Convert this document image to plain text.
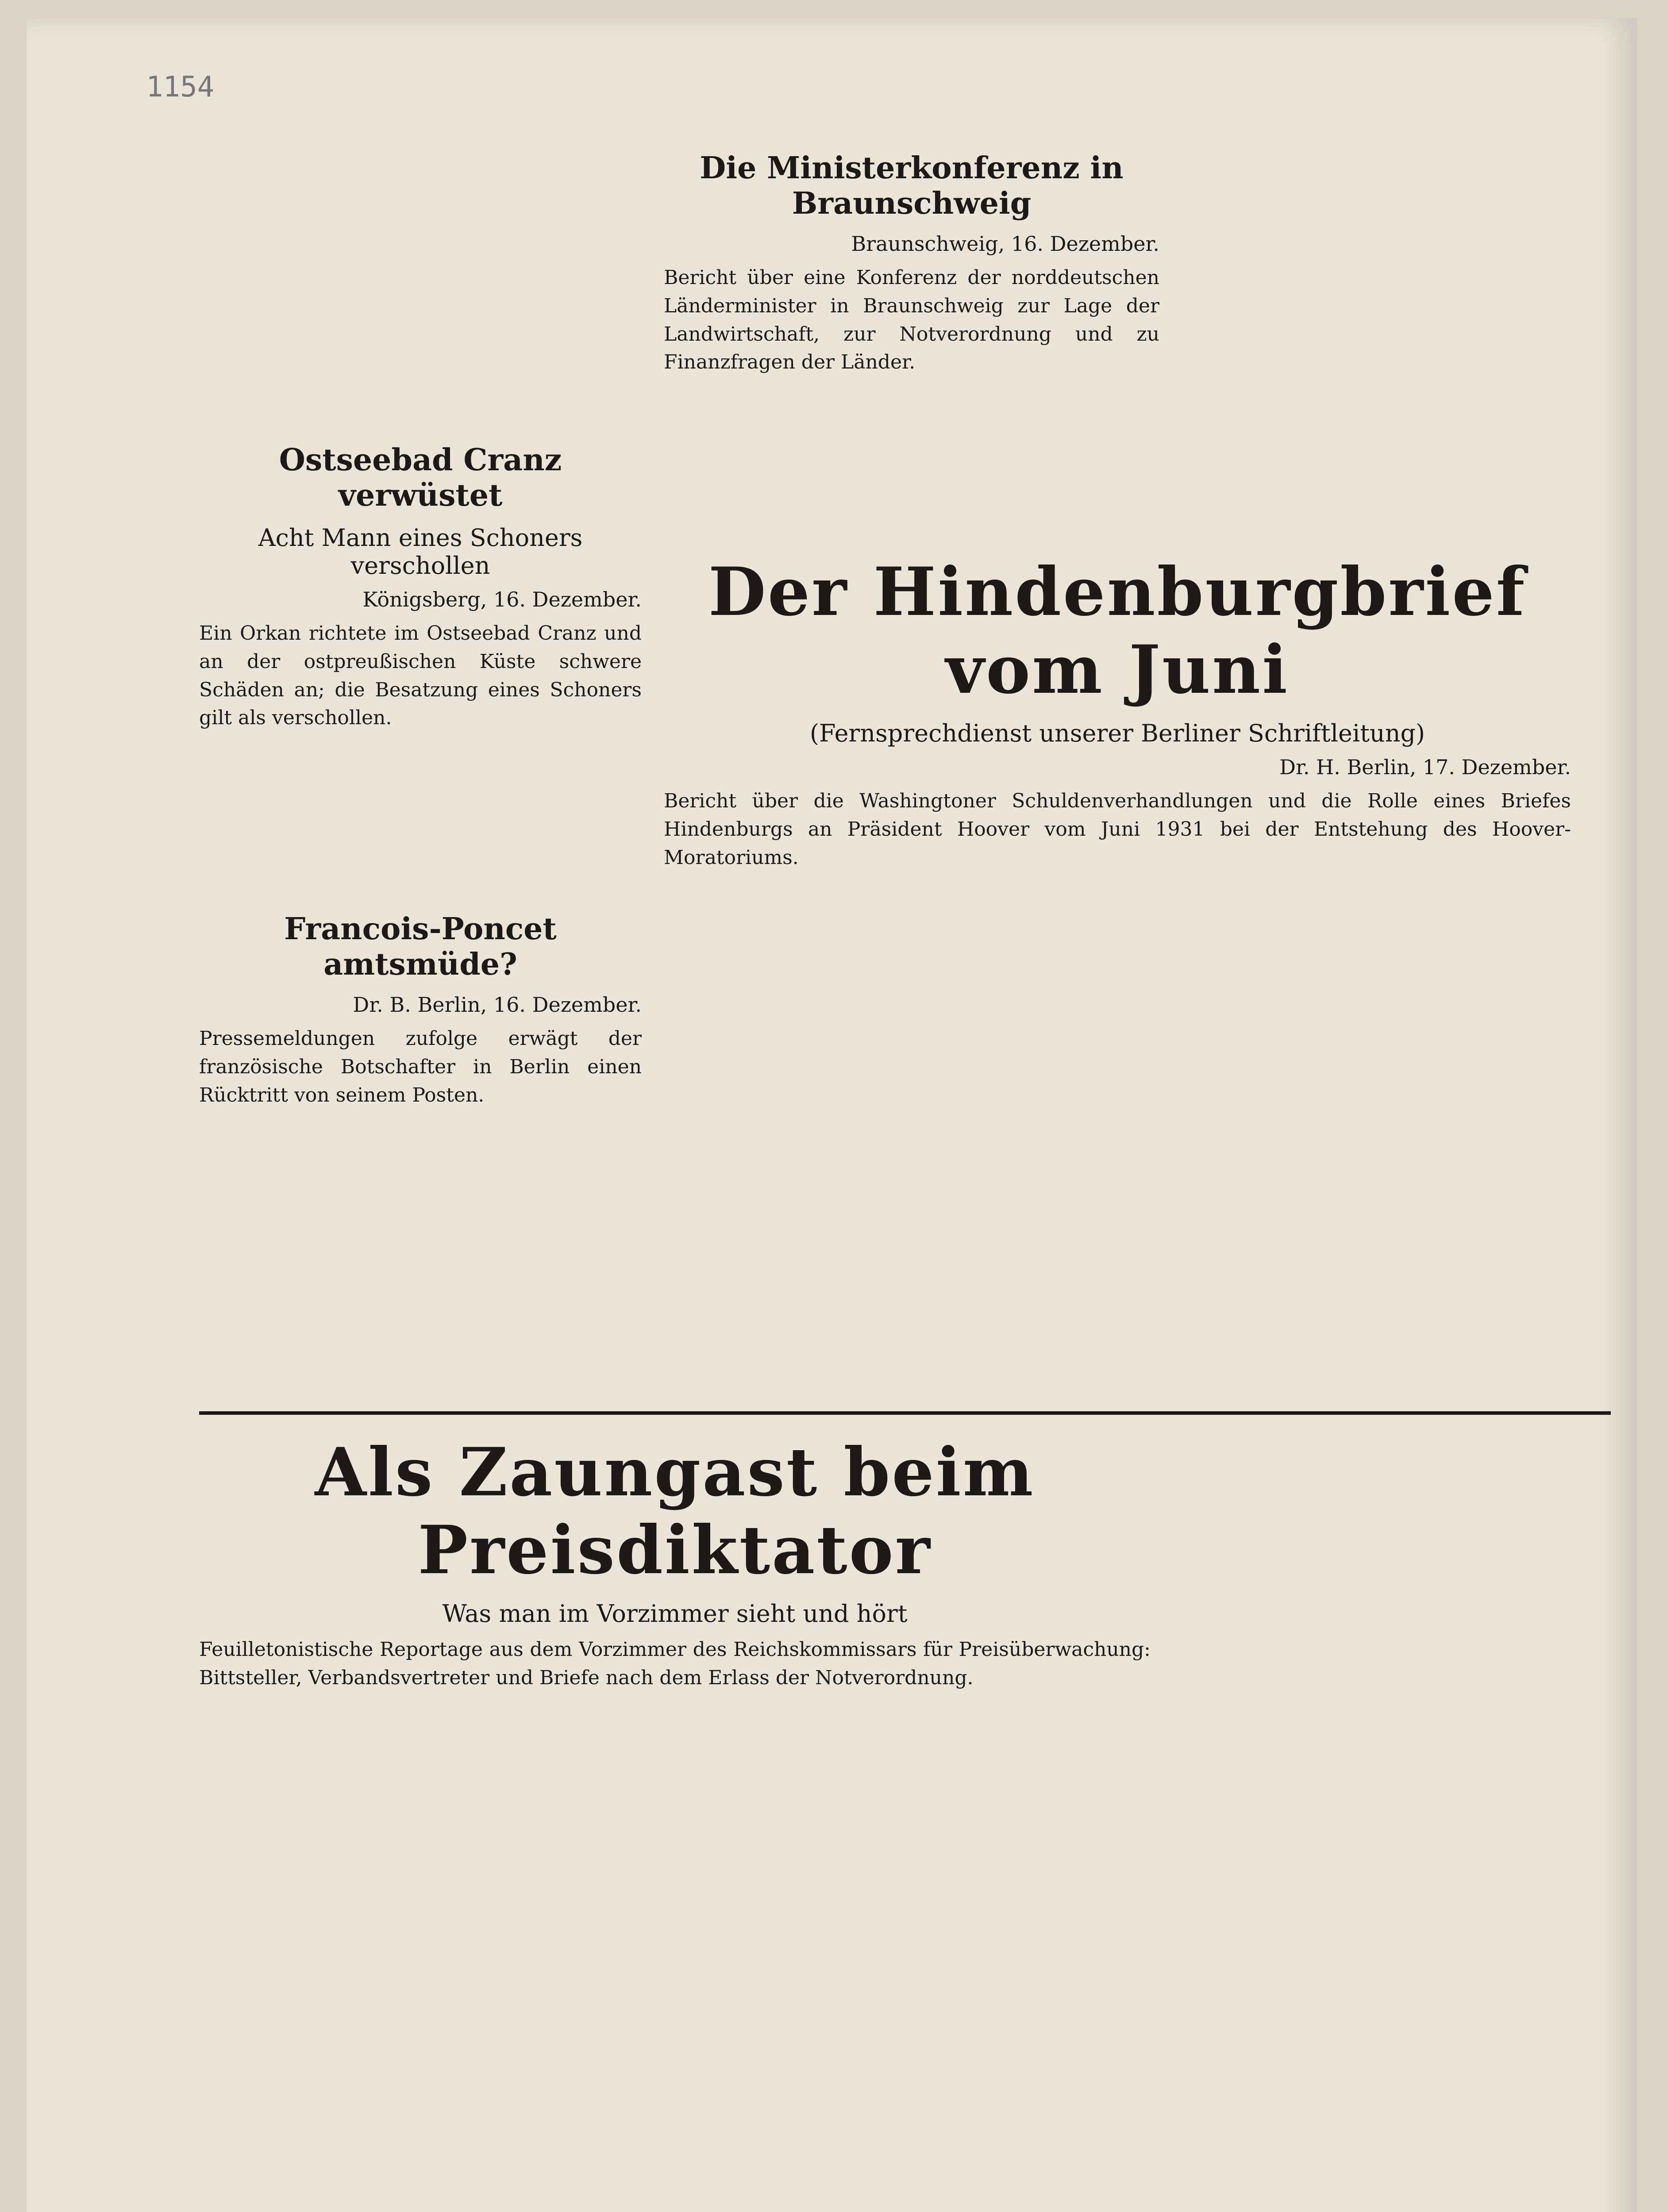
1154
Die Ministerkonferenz in Braunschweig
Braunschweig, 16. Dezember.
Bericht über eine Konferenz der norddeutschen Länderminister in Braunschweig zur Lage der Landwirtschaft, zur Notverordnung und zu Finanzfragen der Länder.
Ostseebad Cranz verwüstet
Acht Mann eines Schoners verschollen
Königsberg, 16. Dezember.
Ein Orkan richtete im Ostseebad Cranz und an der ostpreußischen Küste schwere Schäden an; die Besatzung eines Schoners gilt als verschollen.
Francois-Poncet amtsmüde?
Dr. B. Berlin, 16. Dezember.
Pressemeldungen zufolge erwägt der französische Botschafter in Berlin einen Rücktritt von seinem Posten.
Der Hindenburgbrief vom Juni
(Fernsprechdienst unserer Berliner Schriftleitung)
Dr. H. Berlin, 17. Dezember.
Bericht über die Washingtoner Schuldenverhandlungen und die Rolle eines Briefes Hindenburgs an Präsident Hoover vom Juni 1931 bei der Entstehung des Hoover-Moratoriums.
Als Zaungast beim Preisdiktator
Was man im Vorzimmer sieht und hört
Feuilletonistische Reportage aus dem Vorzimmer des Reichskommissars für Preisüberwachung: Bittsteller, Verbandsvertreter und Briefe nach dem Erlass der Notverordnung.
